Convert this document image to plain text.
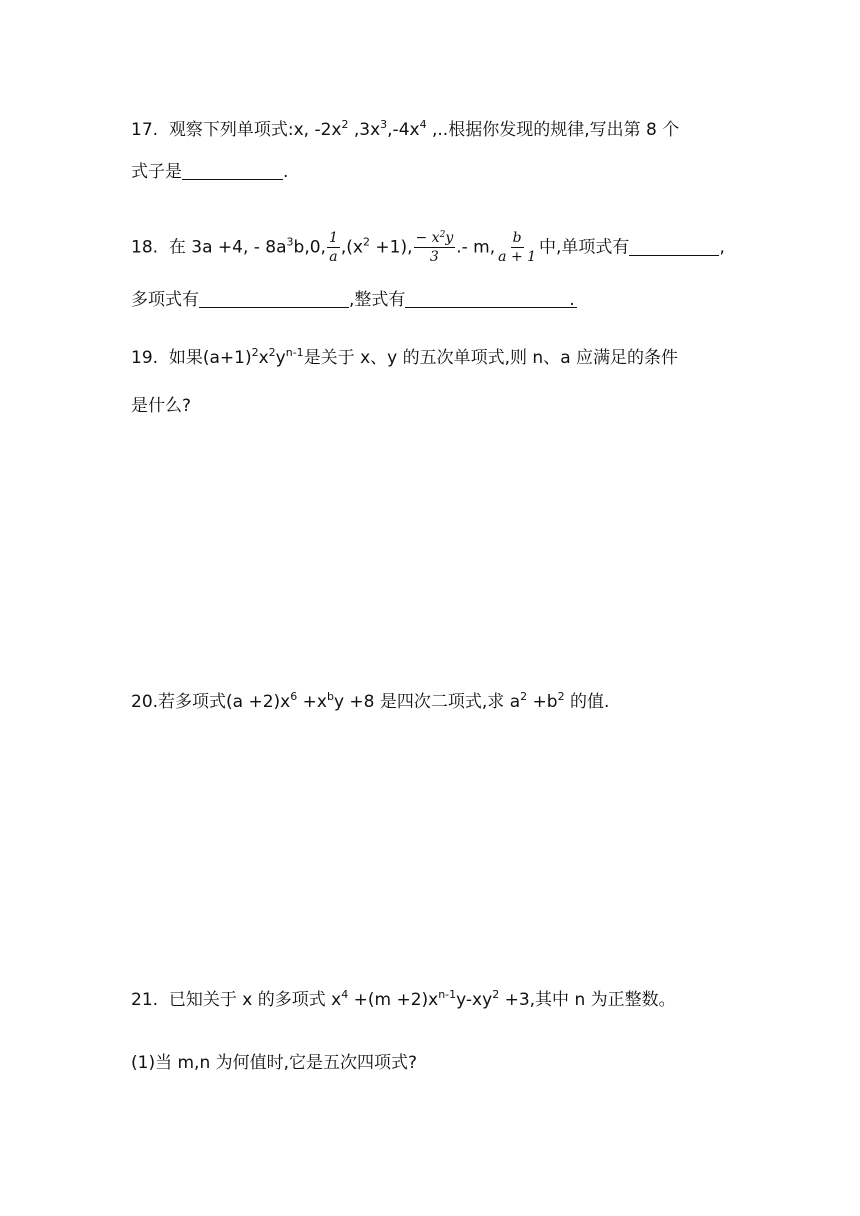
17. 观察下列单项式:x, $-2x^2$ $,3x^3,-4x^4$ ,..根据你发现的规律,写出第 8 个
式子是	.
18. 在 3a +4, - $8a^3b,0$, $\frac{1}{a} ,(x^2 +1)$, $\frac{- x^2y}{3}$ .- m, $\frac{b}{a + 1}$ 中,单项式有	,
多项式有	,整式有	.
19. 如果$(a+1)^2x^2y^{n-1}$是关于 x、y 的五次单项式,则 n、a 应满足的条件
是什么?
20.若多项式$(a +2)x^6 +x^by +8$ 是四次二项式,求 $a^2 +b^2$ 的值.
21. 已知关于 x 的多项式 $x^4 +(m +2)x^{n-1}y-xy^2 +3$,其中 n 为正整数。
(1)当 m,n 为何值时,它是五次四项式?
